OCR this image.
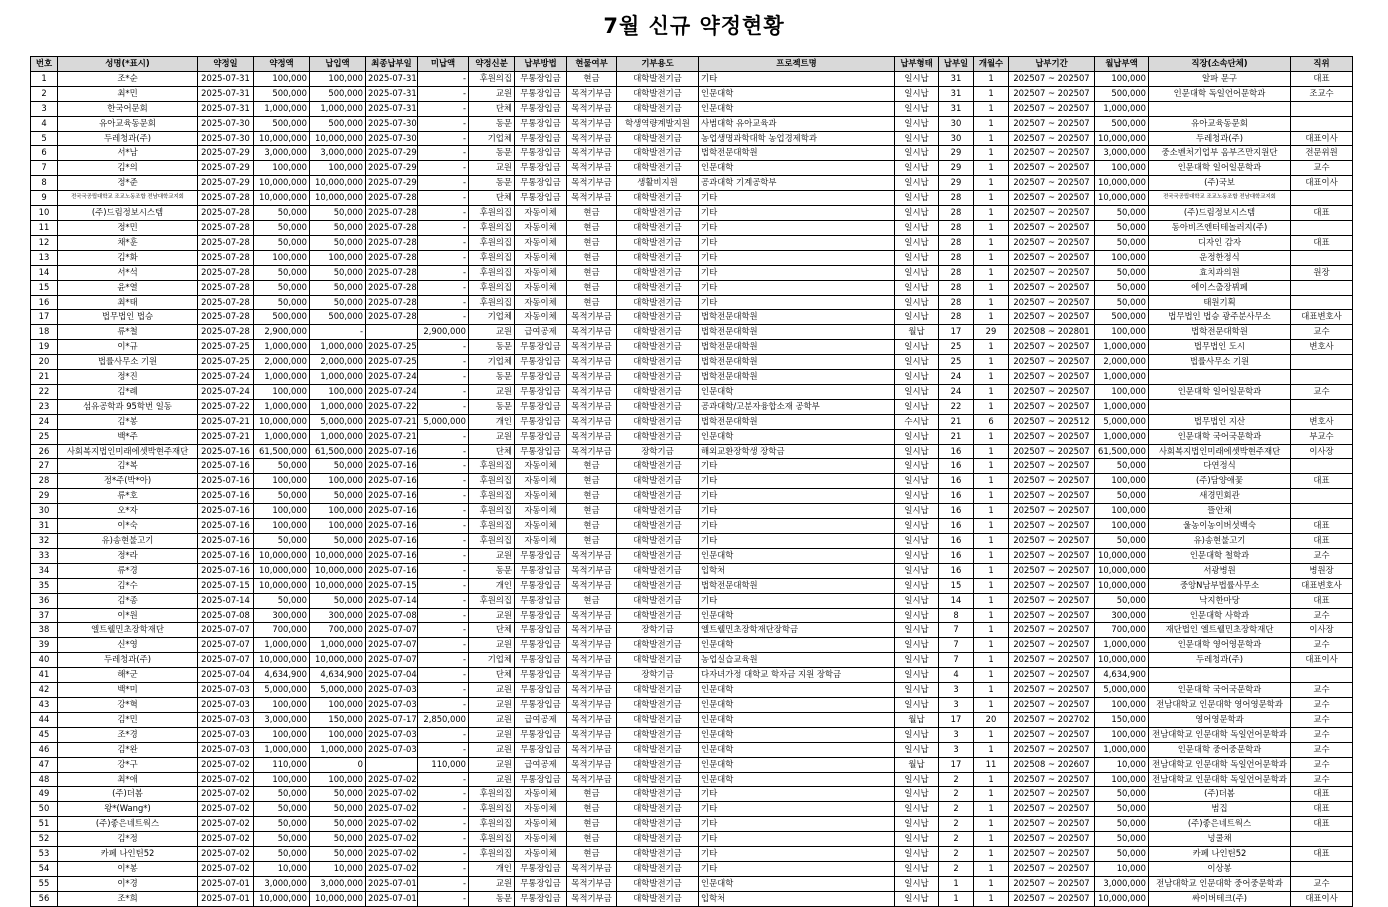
7월 신규 약정현황
번호	성명(*표시)	약정일	약정액	납입액	최종납부일	미납액	약정신분	납부방법	현물여부	기부용도	프로젝트명	납부형태	납부일	개월수	납부기간	월납부액	직장(소속단체)	직위
1	조*순	2025-07-31	100,000	100,000	2025-07-31	-	후원의집	무통장입금	현금	대학발전기금	기타	일시납	31	1	202507 ~ 202507	100,000	알파 문구	대표
2	최*민	2025-07-31	500,000	500,000	2025-07-31	-	교원	무통장입금	목적기부금	대학발전기금	인문대학	일시납	31	1	202507 ~ 202507	500,000	인문대학 독일언어문학과	조교수
3	한국어문회	2025-07-31	1,000,000	1,000,000	2025-07-31	-	단체	무통장입금	목적기부금	대학발전기금	인문대학	일시납	31	1	202507 ~ 202507	1,000,000		
4	유아교육동문회	2025-07-30	500,000	500,000	2025-07-30	-	동문	무통장입금	목적기부금	학생역량계발지원	사범대학 유아교육과	일시납	30	1	202507 ~ 202507	500,000	유아교육동문회	
5	두레청과(주)	2025-07-30	10,000,000	10,000,000	2025-07-30	-	기업체	무통장입금	목적기부금	대학발전기금	농업생명과학대학 농업경제학과	일시납	30	1	202507 ~ 202507	10,000,000	두레청과(주)	대표이사
6	서*남	2025-07-29	3,000,000	3,000,000	2025-07-29	-	동문	무통장입금	목적기부금	대학발전기금	법학전문대학원	일시납	29	1	202507 ~ 202507	3,000,000	중소벤처기업부 옴부즈만지원단	전문위원
7	김*의	2025-07-29	100,000	100,000	2025-07-29	-	교원	무통장입금	목적기부금	대학발전기금	인문대학	일시납	29	1	202507 ~ 202507	100,000	인문대학 일어일문학과	교수
8	정*준	2025-07-29	10,000,000	10,000,000	2025-07-29	-	동문	무통장입금	목적기부금	생활비지원	공과대학 기계공학부	일시납	29	1	202507 ~ 202507	10,000,000	(주)국보	대표이사
9	전국국공립대학교 조교노동조합 전남대학교지회	2025-07-28	10,000,000	10,000,000	2025-07-28	-	단체	무통장입금	목적기부금	대학발전기금	기타	일시납	28	1	202507 ~ 202507	10,000,000	전국국공립대학교 조교노동조합 전남대학교지회	
10	(주)드림정보시스템	2025-07-28	50,000	50,000	2025-07-28	-	후원의집	자동이체	현금	대학발전기금	기타	일시납	28	1	202507 ~ 202507	50,000	(주)드림정보시스템	대표
11	정*민	2025-07-28	50,000	50,000	2025-07-28	-	후원의집	자동이체	현금	대학발전기금	기타	일시납	28	1	202507 ~ 202507	50,000	동아비즈엔터테놀러지(주)	
12	채*훈	2025-07-28	50,000	50,000	2025-07-28	-	후원의집	자동이체	현금	대학발전기금	기타	일시납	28	1	202507 ~ 202507	50,000	디자인 감자	대표
13	김*화	2025-07-28	100,000	100,000	2025-07-28	-	후원의집	자동이체	현금	대학발전기금	기타	일시납	28	1	202507 ~ 202507	100,000	운정한정식	
14	서*석	2025-07-28	50,000	50,000	2025-07-28	-	후원의집	자동이체	현금	대학발전기금	기타	일시납	28	1	202507 ~ 202507	50,000	효치과의원	원장
15	윤*열	2025-07-28	50,000	50,000	2025-07-28	-	후원의집	자동이체	현금	대학발전기금	기타	일시납	28	1	202507 ~ 202507	50,000	에이스출장뷔페	
16	최*태	2025-07-28	50,000	50,000	2025-07-28	-	후원의집	자동이체	현금	대학발전기금	기타	일시납	28	1	202507 ~ 202507	50,000	태원기획	
17	법무법인 법승	2025-07-28	500,000	500,000	2025-07-28	-	기업체	자동이체	목적기부금	대학발전기금	법학전문대학원	일시납	28	1	202507 ~ 202507	500,000	법무법인 법승 광주분사무소	대표변호사
18	류*철	2025-07-28	2,900,000	-		2,900,000	교원	급여공제	목적기부금	대학발전기금	법학전문대학원	월납	17	29	202508 ~ 202801	100,000	법학전문대학원	교수
19	이*규	2025-07-25	1,000,000	1,000,000	2025-07-25	-	동문	무통장입금	목적기부금	대학발전기금	법학전문대학원	일시납	25	1	202507 ~ 202507	1,000,000	법무법인 도시	변호사
20	법률사무소 기원	2025-07-25	2,000,000	2,000,000	2025-07-25	-	기업체	무통장입금	목적기부금	대학발전기금	법학전문대학원	일시납	25	1	202507 ~ 202507	2,000,000	법률사무소 기원	
21	정*진	2025-07-24	1,000,000	1,000,000	2025-07-24	-	동문	무통장입금	목적기부금	대학발전기금	법학전문대학원	일시납	24	1	202507 ~ 202507	1,000,000		
22	김*례	2025-07-24	100,000	100,000	2025-07-24	-	교원	무통장입금	목적기부금	대학발전기금	인문대학	일시납	24	1	202507 ~ 202507	100,000	인문대학 일어일문학과	교수
23	섬유공학과 95학번 일동	2025-07-22	1,000,000	1,000,000	2025-07-22	-	동문	무통장입금	목적기부금	대학발전기금	공과대학/고분자융합소재 공학부	일시납	22	1	202507 ~ 202507	1,000,000		
24	김*봉	2025-07-21	10,000,000	5,000,000	2025-07-21	5,000,000	개인	무통장입금	목적기부금	대학발전기금	법학전문대학원	수시납	21	6	202507 ~ 202512	5,000,000	법무법인 지산	변호사
25	백*주	2025-07-21	1,000,000	1,000,000	2025-07-21	-	교원	무통장입금	목적기부금	대학발전기금	인문대학	일시납	21	1	202507 ~ 202507	1,000,000	인문대학 국어국문학과	부교수
26	사회복지법인미래에셋박현주재단	2025-07-16	61,500,000	61,500,000	2025-07-16	-	단체	무통장입금	목적기부금	장학기금	해외교환장학생 장학금	일시납	16	1	202507 ~ 202507	61,500,000	사회복지법인미래에셋박현주재단	이사장
27	김*복	2025-07-16	50,000	50,000	2025-07-16	-	후원의집	자동이체	현금	대학발전기금	기타	일시납	16	1	202507 ~ 202507	50,000	다연정식	
28	정*주(박*아)	2025-07-16	100,000	100,000	2025-07-16	-	후원의집	자동이체	현금	대학발전기금	기타	일시납	16	1	202507 ~ 202507	100,000	(주)담양애꽃	대표
29	류*호	2025-07-16	50,000	50,000	2025-07-16	-	후원의집	자동이체	현금	대학발전기금	기타	일시납	16	1	202507 ~ 202507	50,000	새경민회관	
30	오*자	2025-07-16	100,000	100,000	2025-07-16	-	후원의집	자동이체	현금	대학발전기금	기타	일시납	16	1	202507 ~ 202507	100,000	뜰안채	
31	이*숙	2025-07-16	100,000	100,000	2025-07-16	-	후원의집	자동이체	현금	대학발전기금	기타	일시납	16	1	202507 ~ 202507	100,000	울농이농이버섯백숙	대표
32	유)송현불고기	2025-07-16	50,000	50,000	2025-07-16	-	후원의집	자동이체	현금	대학발전기금	기타	일시납	16	1	202507 ~ 202507	50,000	유)송현불고기	대표
33	정*라	2025-07-16	10,000,000	10,000,000	2025-07-16	-	교원	무통장입금	목적기부금	대학발전기금	인문대학	일시납	16	1	202507 ~ 202507	10,000,000	인문대학 철학과	교수
34	류*경	2025-07-16	10,000,000	10,000,000	2025-07-16	-	동문	무통장입금	목적기부금	대학발전기금	입학처	일시납	16	1	202507 ~ 202507	10,000,000	서광병원	병원장
35	김*수	2025-07-15	10,000,000	10,000,000	2025-07-15	-	개인	무통장입금	목적기부금	대학발전기금	법학전문대학원	일시납	15	1	202507 ~ 202507	10,000,000	중앙N남부법률사무소	대표변호사
36	김*종	2025-07-14	50,000	50,000	2025-07-14	-	후원의집	무통장입금	현금	대학발전기금	기타	일시납	14	1	202507 ~ 202507	50,000	낙지한마당	대표
37	이*원	2025-07-08	300,000	300,000	2025-07-08	-	교원	무통장입금	목적기부금	대학발전기금	인문대학	일시납	8	1	202507 ~ 202507	300,000	인문대학 사학과	교수
38	엘트웰민초장학재단	2025-07-07	700,000	700,000	2025-07-07	-	단체	무통장입금	목적기부금	장학기금	엘트웰민초장학재단장학금	일시납	7	1	202507 ~ 202507	700,000	재단법인 엘트웰민초장학재단	이사장
39	신*영	2025-07-07	1,000,000	1,000,000	2025-07-07	-	교원	무통장입금	목적기부금	대학발전기금	인문대학	일시납	7	1	202507 ~ 202507	1,000,000	인문대학 영어영문학과	교수
40	두레청과(주)	2025-07-07	10,000,000	10,000,000	2025-07-07	-	기업체	무통장입금	목적기부금	대학발전기금	농업실습교육원	일시납	7	1	202507 ~ 202507	10,000,000	두레청과(주)	대표이사
41	해*군	2025-07-04	4,634,900	4,634,900	2025-07-04	-	단체	무통장입금	목적기부금	장학기금	다자녀가정 대학교 학자금 지원 장학금	일시납	4	1	202507 ~ 202507	4,634,900		
42	백*미	2025-07-03	5,000,000	5,000,000	2025-07-03	-	교원	무통장입금	목적기부금	대학발전기금	인문대학	일시납	3	1	202507 ~ 202507	5,000,000	인문대학 국어국문학과	교수
43	강*혁	2025-07-03	100,000	100,000	2025-07-03	-	교원	무통장입금	목적기부금	대학발전기금	인문대학	일시납	3	1	202507 ~ 202507	100,000	전남대학교 인문대학 영어영문학과	교수
44	김*민	2025-07-03	3,000,000	150,000	2025-07-17	2,850,000	교원	급여공제	목적기부금	대학발전기금	인문대학	월납	17	20	202507 ~ 202702	150,000	영어영문학과	교수
45	조*경	2025-07-03	100,000	100,000	2025-07-03	-	교원	무통장입금	목적기부금	대학발전기금	인문대학	일시납	3	1	202507 ~ 202507	100,000	전남대학교 인문대학 독일언어문학과	교수
46	김*완	2025-07-03	1,000,000	1,000,000	2025-07-03	-	교원	무통장입금	목적기부금	대학발전기금	인문대학	일시납	3	1	202507 ~ 202507	1,000,000	인문대학 중어중문학과	교수
47	강*구	2025-07-02	110,000	0		110,000	교원	급여공제	목적기부금	대학발전기금	인문대학	월납	17	11	202508 ~ 202607	10,000	전남대학교 인문대학 독일언어문학과	교수
48	최*애	2025-07-02	100,000	100,000	2025-07-02	-	교원	무통장입금	목적기부금	대학발전기금	인문대학	일시납	2	1	202507 ~ 202507	100,000	전남대학교 인문대학 독일언어문학과	교수
49	(주)더봄	2025-07-02	50,000	50,000	2025-07-02	-	후원의집	자동이체	현금	대학발전기금	기타	일시납	2	1	202507 ~ 202507	50,000	(주)더봄	대표
50	왕*(Wang*)	2025-07-02	50,000	50,000	2025-07-02	-	후원의집	자동이체	현금	대학발전기금	기타	일시납	2	1	202507 ~ 202507	50,000	범집	대표
51	(주)좋은네트웍스	2025-07-02	50,000	50,000	2025-07-02	-	후원의집	자동이체	현금	대학발전기금	기타	일시납	2	1	202507 ~ 202507	50,000	(주)좋은네트웍스	대표
52	김*정	2025-07-02	50,000	50,000	2025-07-02	-	후원의집	자동이체	현금	대학발전기금	기타	일시납	2	1	202507 ~ 202507	50,000	넝쿨채	
53	카페 나인틴52	2025-07-02	50,000	50,000	2025-07-02	-	후원의집	자동이체	현금	대학발전기금	기타	일시납	2	1	202507 ~ 202507	50,000	카페 나인틴52	대표
54	이*봉	2025-07-02	10,000	10,000	2025-07-02	-	개인	무통장입금	목적기부금	대학발전기금	기타	일시납	2	1	202507 ~ 202507	10,000	이상봉	
55	이*경	2025-07-01	3,000,000	3,000,000	2025-07-01	-	교원	무통장입금	목적기부금	대학발전기금	인문대학	일시납	1	1	202507 ~ 202507	3,000,000	전남대학교 인문대학 중어중문학과	교수
56	조*희	2025-07-01	10,000,000	10,000,000	2025-07-01	-	동문	무통장입금	목적기부금	대학발전기금	입학처	일시납	1	1	202507 ~ 202507	10,000,000	싸이버테크(주)	대표이사
